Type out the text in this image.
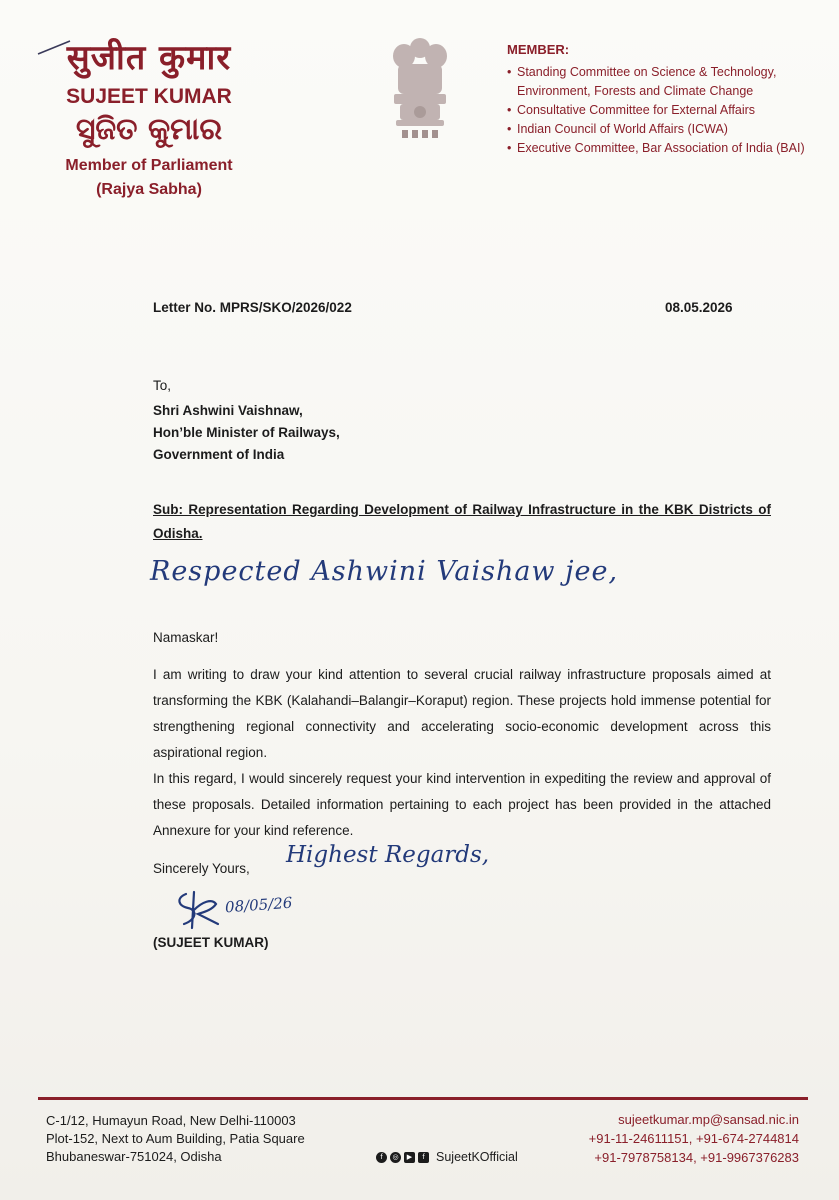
सुजीत कुमार
SUJEET KUMAR
ସୁଜିତ କୁମାର
Member of Parliament
(Rajya Sabha)
MEMBER:
• Standing Committee on Science & Technology, Environment, Forests and Climate Change
• Consultative Committee for External Affairs
• Indian Council of World Affairs (ICWA)
• Executive Committee, Bar Association of India (BAI)
Letter No. MPRS/SKO/2026/022	08.05.2026
To,
Shri Ashwini Vaishnaw,
Hon’ble Minister of Railways,
Government of India
Sub: Representation Regarding Development of Railway Infrastructure in the KBK Districts of Odisha.
Respected Ashwini Vaishaw jee,
Namaskar!

I am writing to draw your kind attention to several crucial railway infrastructure proposals aimed at transforming the KBK (Kalahandi–Balangir–Koraput) region. These projects hold immense potential for strengthening regional connectivity and accelerating socio-economic development across this aspirational region.

In this regard, I would sincerely request your kind intervention in expediting the review and approval of these proposals. Detailed information pertaining to each project has been provided in the attached Annexure for your kind reference.

Sincerely Yours,
Highest Regards,
08/05/26
(SUJEET KUMAR)
C-1/12, Humayun Road, New Delhi-110003
Plot-152, Next to Aum Building, Patia Square
Bhubaneswar-751024, Odisha	f	◎	▶	f SujeetKOfficial
sujeetkumar.mp@sansad.nic.in
+91-11-24611151, +91-674-2744814
+91-7978758134, +91-9967376283
